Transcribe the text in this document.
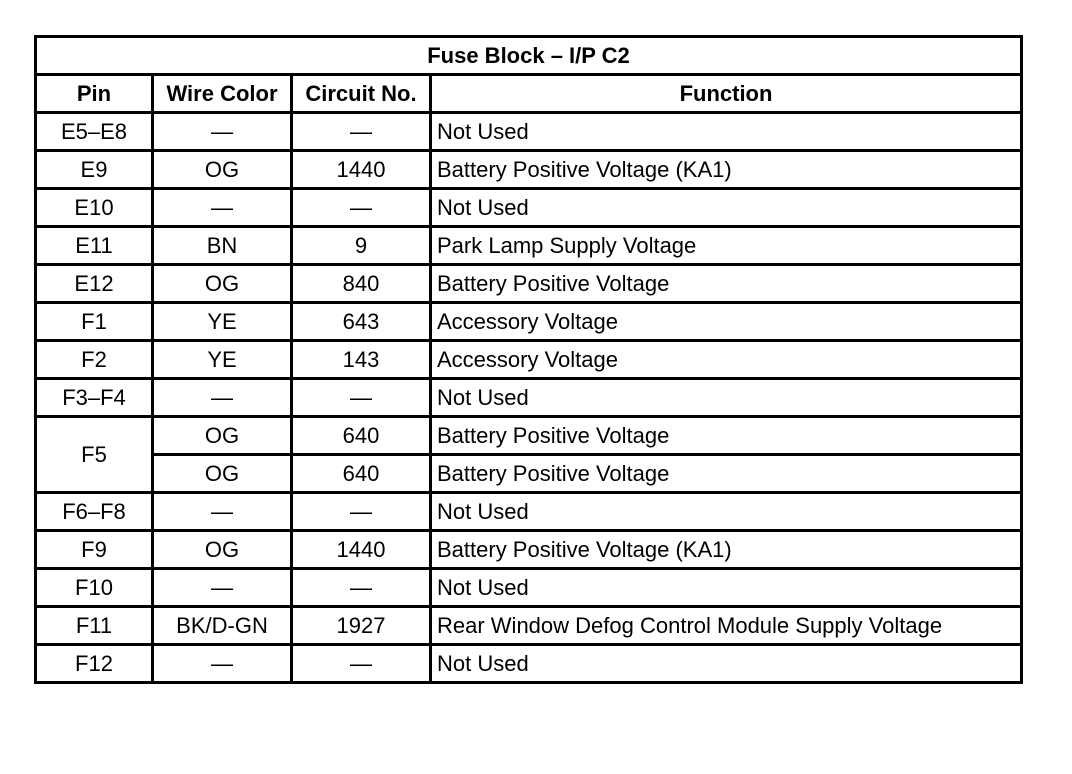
Fuse Block – I/P C2			
Pin	Wire Color	Circuit No.	Function
E5–E8	—	—	Not Used
E9	OG	1440	Battery Positive Voltage (KA1)
E10	—	—	Not Used
E11	BN	9	Park Lamp Supply Voltage
E12	OG	840	Battery Positive Voltage
F1	YE	643	Accessory Voltage
F2	YE	143	Accessory Voltage
F3–F4	—	—	Not Used
F5	OG	640	Battery Positive Voltage
	OG	640	Battery Positive Voltage
F6–F8	—	—	Not Used
F9	OG	1440	Battery Positive Voltage (KA1)
F10	—	—	Not Used
F11	BK/D-GN	1927	Rear Window Defog Control Module Supply Voltage
F12	—	—	Not Used
